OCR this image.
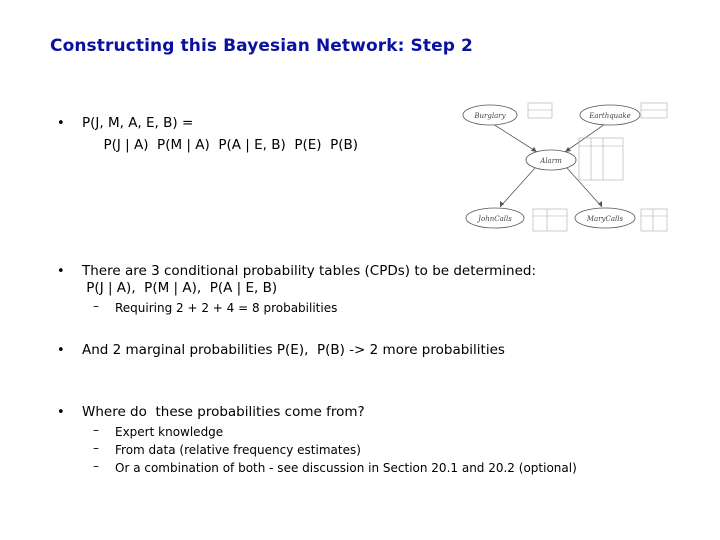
Constructing this Bayesian Network: Step 2
• P(J, M, A, E, B) =
P(J | A)  P(M | A)  P(A | E, B)  P(E)  P(B)
Burglary	Earthquake
Alarm
JohnCalls	MaryCalls
• There are 3 conditional probability tables (CPDs) to be determined:
P(J | A),  P(M | A),  P(A | E, B)
– Requiring 2 + 2 + 4 = 8 probabilities
• And 2 marginal probabilities P(E),  P(B) -> 2 more probabilities
• Where do  these probabilities come from?
– Expert knowledge
– From data (relative frequency estimates)
– Or a combination of both - see discussion in Section 20.1 and 20.2 (optional)
